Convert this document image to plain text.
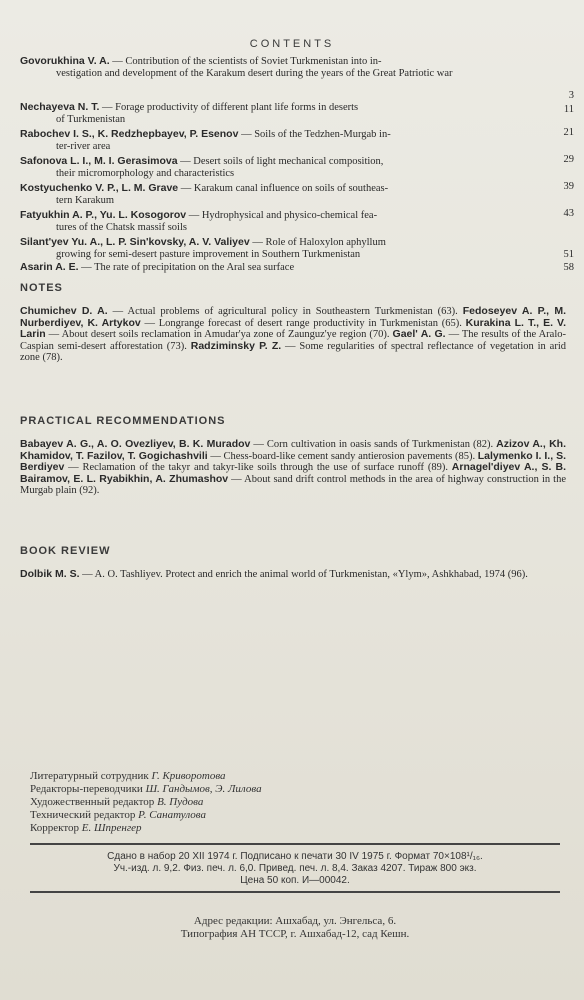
CONTENTS
Govorukhina V. A. — Contribution of the scientists of Soviet Turkmenistan into in-
vestigation and development of the Karakum desert during the years of the Great Patriotic war
3
Nechayeva N. T. — Forage productivity of different plant life forms in deserts
of Turkmenistan
11
Rabochev I. S., K. Redzhepbayev, P. Esenov — Soils of the Tedzhen-Murgab in-
ter-river area
21
Safonova L. I., M. I. Gerasimova — Desert soils of light mechanical composition,
their micromorphology and characteristics
29
Kostyuchenko V. P., L. M. Grave — Karakum canal influence on soils of southeas-
tern Karakum
39
Fatyukhin A. P., Yu. L. Kosogorov — Hydrophysical and physico-chemical fea-
tures of the Chatsk massif soils
43
Silant'yev Yu. A., L. P. Sin'kovsky, A. V. Valiyev — Role of Haloxylon aphyllum
growing for semi-desert pasture improvement in Southern Turkmenistan	51
Asarin A. E. — The rate of precipitation on the Aral sea surface	58
NOTES
Chumichev D. A. — Actual problems of agricultural policy in Southeastern Turkmenistan (63). Fedoseyev A. P., M. Nurberdiyev, K. Artykov — Longrange forecast of desert range productivity in Turkmenistan (65). Kurakina L. T., E. V. Larin — About desert soils reclamation in Amudar'ya zone of Zaunguz'ye region (70). Gael' A. G. — The results of the Aralo-Caspian semi-desert afforestation (73). Radziminsky P. Z. — Some regularities of spectral reflectance of vegetation in arid zone (78).
PRACTICAL RECOMMENDATIONS
Babayev A. G., A. O. Ovezliyev, B. K. Muradov — Corn cultivation in oasis sands of Turkmenistan (82). Azizov A., Kh. Khamidov, T. Fazilov, T. Gogichashvili — Chess-board-like cement sandy antierosion pavements (85). Lalymenko I. I., S. Berdiyev — Reclamation of the takyr and takyr-like soils through the use of surface runoff (89). Arnagel'diyev A., S. B. Bairamov, E. L. Ryabikhin, A. Zhumashov — About sand drift control methods in the area of highway construction in the Murgab plain (92).
BOOK REVIEW
Dolbik M. S. — A. O. Tashliyev. Protect and enrich the animal world of Turkmenistan, «Ylym», Ashkhabad, 1974 (96).
Литературный сотрудник Г. Криворотова
Редакторы-переводчики Ш. Гандымов, Э. Лилова
Художественный редактор В. Пудова
Технический редактор Р. Санатулова
Корректор Е. Шпренгер
Сдано в набор 20 XII 1974 г. Подписано к печати 30 IV 1975 г. Формат 70×108¹/₁₆.
Уч.-изд. л. 9,2. Физ. печ. л. 6,0. Привед. печ. л. 8,4. Заказ 4207. Тираж 800 экз.
Цена 50 коп. И—00042.
Адрес редакции: Ашхабад, ул. Энгельса, 6.
Типография АН ТССР, г. Ашхабад-12, сад Кешн.
